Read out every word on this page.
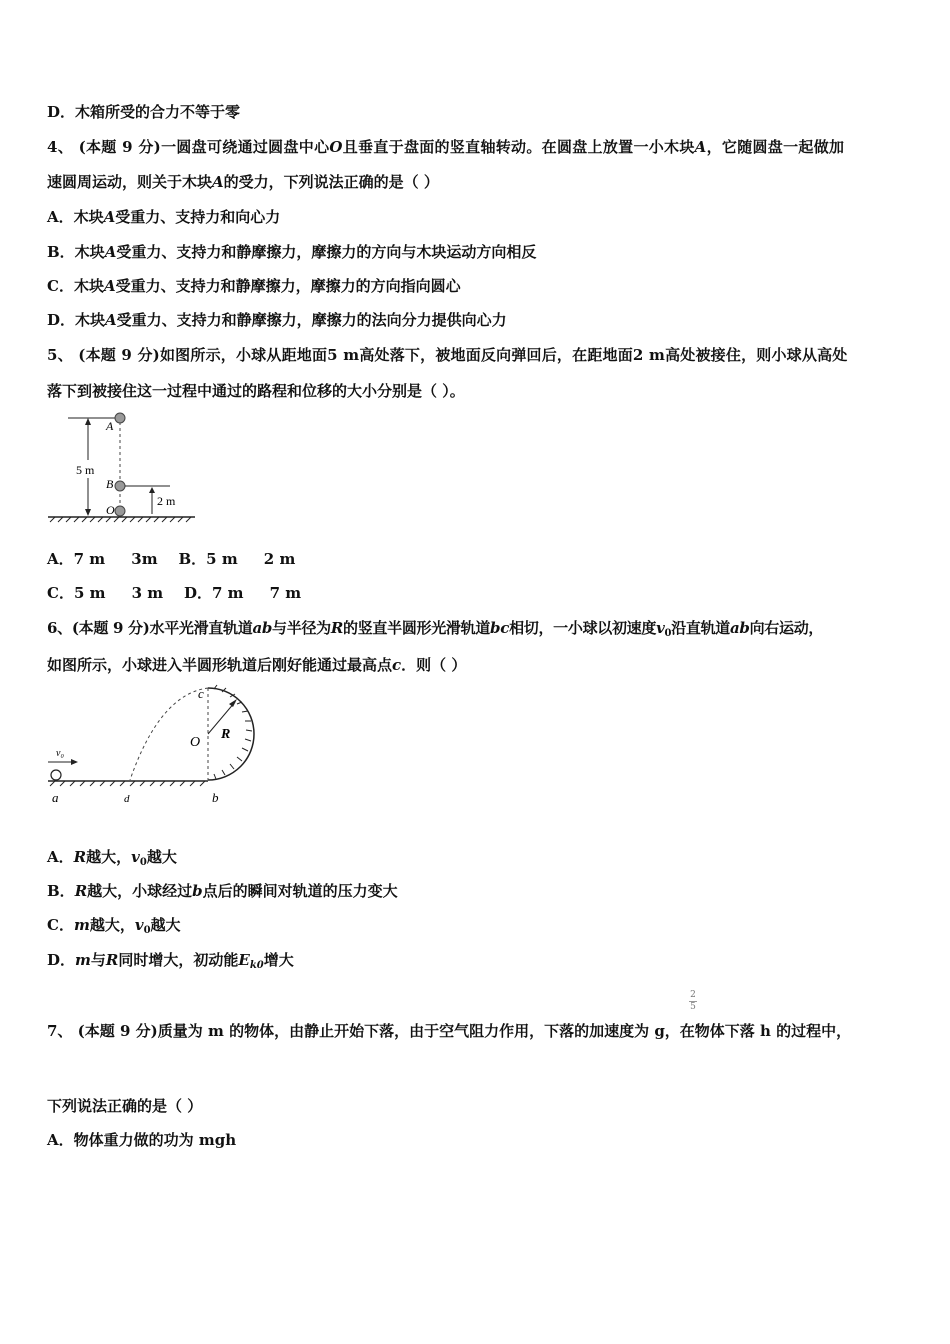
D．木箱所受的合力不等于零
4、 (本题 9 分)一圆盘可绕通过圆盘中心O且垂直于盘面的竖直轴转动。在圆盘上放置一小木块A，它随圆盘一起做加
速圆周运动，则关于木块A的受力，下列说法正确的是（ ）
A．木块A受重力、支持力和向心力
B．木块A受重力、支持力和静摩擦力，摩擦力的方向与木块运动方向相反
C．木块A受重力、支持力和静摩擦力，摩擦力的方向指向圆心
D．木块A受重力、支持力和静摩擦力，摩擦力的法向分力提供向心力
5、 (本题 9 分)如图所示，小球从距地面5 m高处落下，被地面反向弹回后，在距地面2 m高处被接住，则小球从高处
落下到被接住这一过程中通过的路程和位移的大小分别是（ ）。
5 m
A
B
O
2 m
A．7 m     3m    B．5 m     2 m
C．5 m     3 m    D．7 m     7 m
6、(本题 9 分)水平光滑直轨道ab与半径为R的竖直半圆形光滑轨道bc相切，一小球以初速度$v_0$沿直轨道ab向右运动，
如图所示，小球进入半圆形轨道后刚好能通过最高点c．则（ ）
c
O
R
v₀
a	d	b
A．R越大，$v_0$越大
B．R越大，小球经过b点后的瞬间对轨道的压力变大
C．m越大，$v_0$越大
D．m与R同时增大，初动能$E_{k0}$增大
2
5
7、 (本题 9 分)质量为 m 的物体，由静止开始下落，由于空气阻力作用，下落的加速度为 g，在物体下落 h 的过程中，
下列说法正确的是（ ）
A．物体重力做的功为 mgh
